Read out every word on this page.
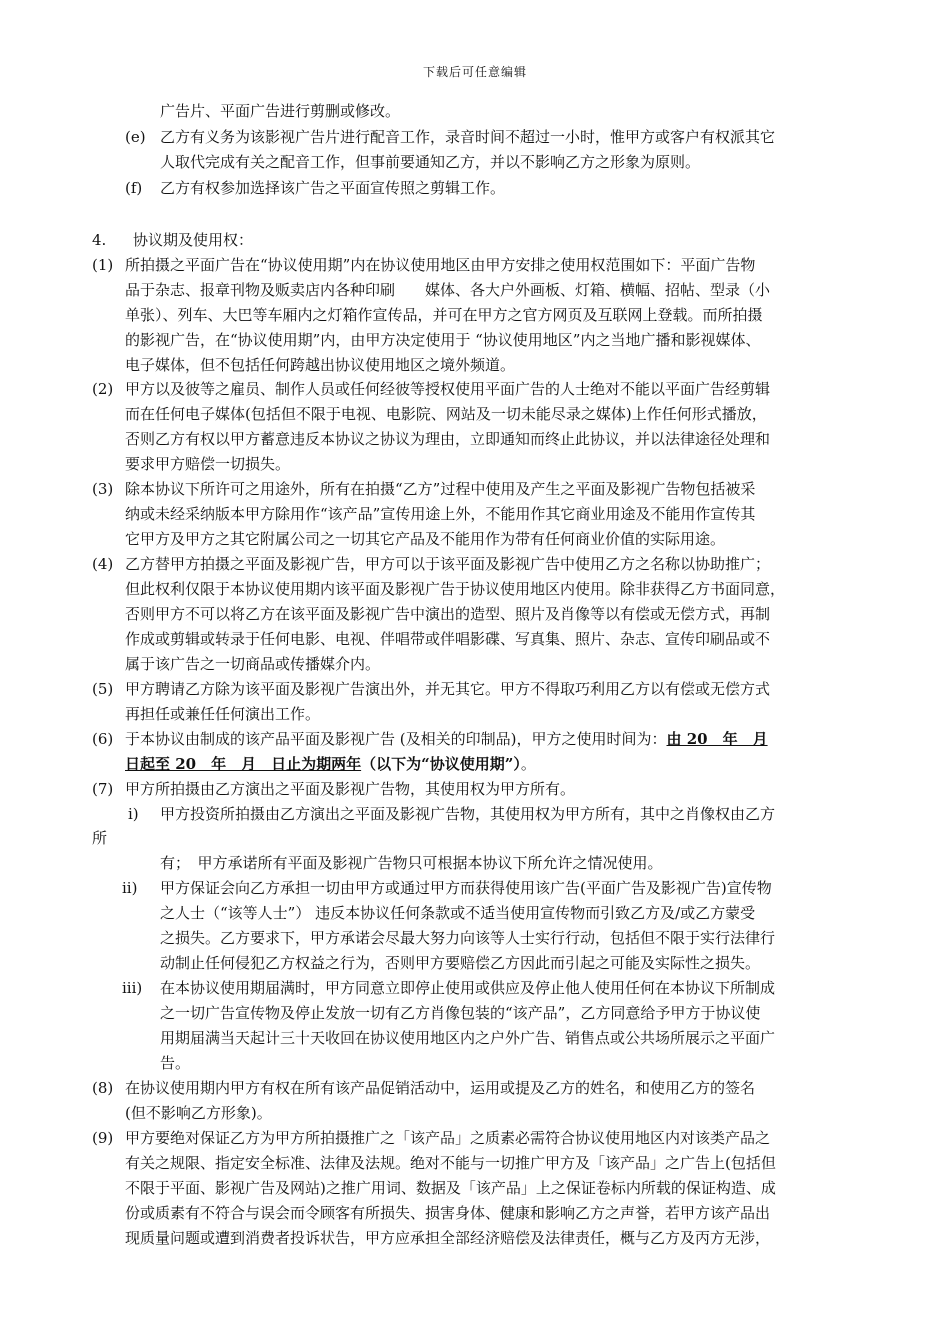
下载后可任意编辑
广告片、平面广告进行剪删或修改。
(e) 乙方有义务为该影视广告片进行配音工作，录音时间不超过一小时，惟甲方或客户有权派其它
人取代完成有关之配音工作，但事前要通知乙方，并以不影响乙方之形象为原则。
(f) 乙方有权参加选择该广告之平面宣传照之剪辑工作。
4. 协议期及使用权：
(1) 所拍摄之平面广告在“协议使用期”内在协议使用地区由甲方安排之使用权范围如下：平面广告物
品于杂志、报章刊物及贩卖店内各种印刷　　媒体、各大户外画板、灯箱、横幅、招帖、型录（小
单张）、列车、大巴等车厢内之灯箱作宣传品，并可在甲方之官方网页及互联网上登载。而所拍摄
的影视广告，在“协议使用期”内，由甲方决定使用于 “协议使用地区”内之当地广播和影视媒体、
电子媒体，但不包括任何跨越出协议使用地区之境外频道。
(2) 甲方以及彼等之雇员、制作人员或任何经彼等授权使用平面广告的人士绝对不能以平面广告经剪辑
而在任何电子媒体(包括但不限于电视、电影院、网站及一切未能尽录之媒体)上作任何形式播放，
否则乙方有权以甲方蓄意违反本协议之协议为理由，立即通知而终止此协议，并以法律途径处理和
要求甲方赔偿一切损失。
(3) 除本协议下所许可之用途外，所有在拍摄“乙方”过程中使用及产生之平面及影视广告物包括被采
纳或未经采纳版本甲方除用作“该产品”宣传用途上外，不能用作其它商业用途及不能用作宣传其
它甲方及甲方之其它附属公司之一切其它产品及不能用作为带有任何商业价值的实际用途。
(4) 乙方替甲方拍摄之平面及影视广告，甲方可以于该平面及影视广告中使用乙方之名称以协助推广；
但此权利仅限于本协议使用期内该平面及影视广告于协议使用地区内使用。除非获得乙方书面同意，
否则甲方不可以将乙方在该平面及影视广告中演出的造型、照片及肖像等以有偿或无偿方式，再制
作成或剪辑或转录于任何电影、电视、伴唱带或伴唱影碟、写真集、照片、杂志、宣传印刷品或不
属于该广告之一切商品或传播媒介内。
(5) 甲方聘请乙方除为该平面及影视广告演出外，并无其它。甲方不得取巧利用乙方以有偿或无偿方式
再担任或兼任任何演出工作。
(6) 于本协议由制成的该产品平面及影视广告 (及相关的印制品)，甲方之使用时间为：由 20　年　月
日起至 20　年　月　日止为期两年（以下为“协议使用期”）。
(7) 甲方所拍摄由乙方演出之平面及影视广告物，其使用权为甲方所有。
i) 甲方投资所拍摄由乙方演出之平面及影视广告物，其使用权为甲方所有，其中之肖像权由乙方
所
有；　甲方承诺所有平面及影视广告物只可根据本协议下所允许之情况使用。
ii) 甲方保证会向乙方承担一切由甲方或通过甲方而获得使用该广告(平面广告及影视广告)宣传物
之人士（“该等人士”） 违反本协议任何条款或不适当使用宣传物而引致乙方及/或乙方蒙受
之损失。乙方要求下，甲方承诺会尽最大努力向该等人士实行行动，包括但不限于实行法律行
动制止任何侵犯乙方权益之行为，否则甲方要赔偿乙方因此而引起之可能及实际性之损失。
iii) 在本协议使用期届满时，甲方同意立即停止使用或供应及停止他人使用任何在本协议下所制成
之一切广告宣传物及停止发放一切有乙方肖像包装的“该产品”，乙方同意给予甲方于协议使
用期届满当天起计三十天收回在协议使用地区内之户外广告、销售点或公共场所展示之平面广
告。
(8) 在协议使用期内甲方有权在所有该产品促销活动中，运用或提及乙方的姓名，和使用乙方的签名
(但不影响乙方形象)。
(9) 甲方要绝对保证乙方为甲方所拍摄推广之「该产品」之质素必需符合协议使用地区内对该类产品之
有关之规限、指定安全标准、法律及法规。绝对不能与一切推广甲方及「该产品」之广告上(包括但
不限于平面、影视广告及网站)之推广用词、数据及「该产品」上之保证卷标内所载的保证构造、成
份或质素有不符合与误会而令顾客有所损失、损害身体、健康和影响乙方之声誉，若甲方该产品出
现质量问题或遭到消费者投诉状告，甲方应承担全部经济赔偿及法律责任，概与乙方及丙方无涉，
